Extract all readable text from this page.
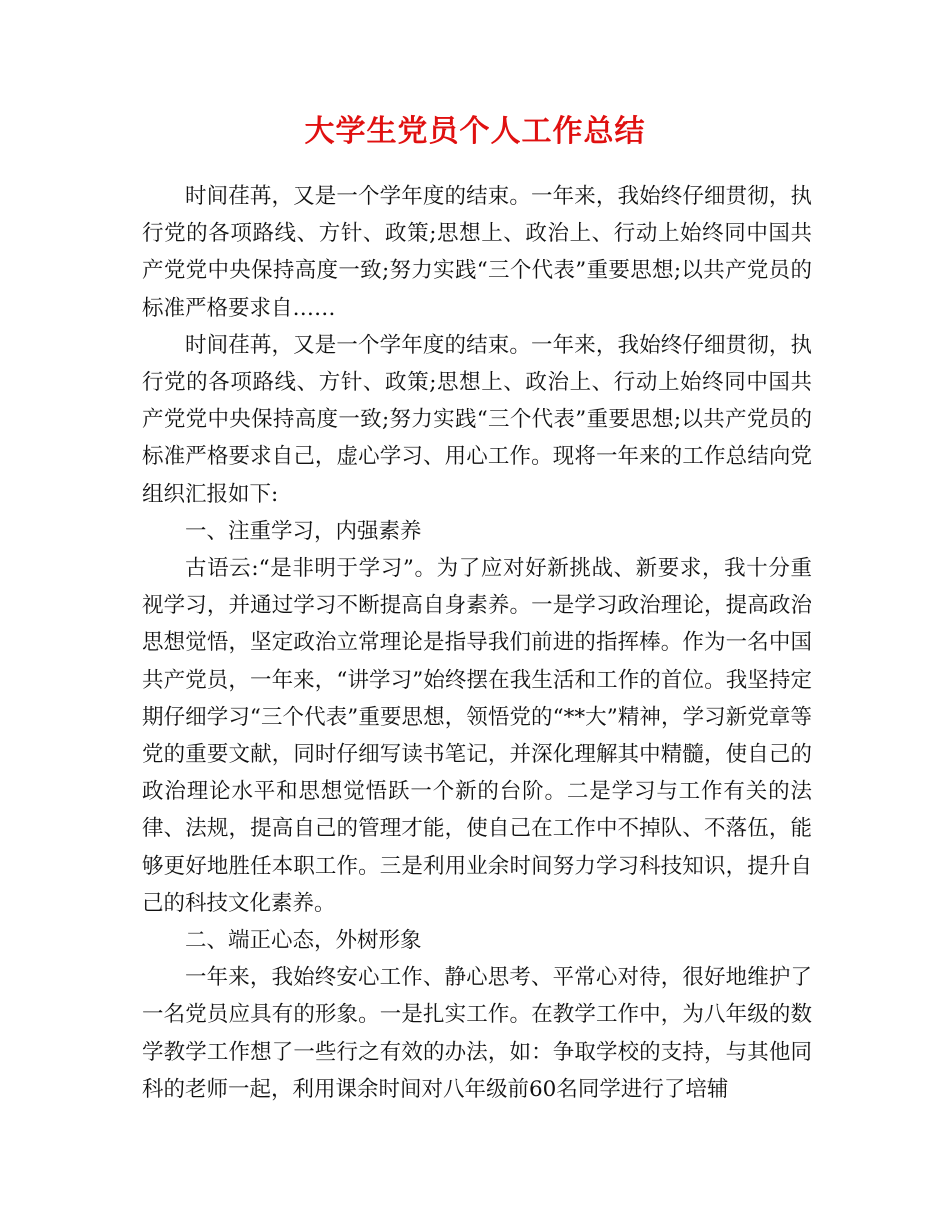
大学生党员个人工作总结

时间荏苒，又是一个学年度的结束。一年来，我始终仔细贯彻，执行党的各项路线、方针、政策;思想上、政治上、行动上始终同中国共产党党中央保持高度一致;努力实践“三个代表”重要思想;以共产党员的标准严格要求自……

时间荏苒，又是一个学年度的结束。一年来，我始终仔细贯彻，执行党的各项路线、方针、政策;思想上、政治上、行动上始终同中国共产党党中央保持高度一致;努力实践“三个代表”重要思想;以共产党员的标准严格要求自己，虚心学习、用心工作。现将一年来的工作总结向党组织汇报如下:

一、注重学习，内强素养

古语云:“是非明于学习”。为了应对好新挑战、新要求，我十分重视学习，并通过学习不断提高自身素养。一是学习政治理论，提高政治思想觉悟，坚定政治立常理论是指导我们前进的指挥棒。作为一名中国共产党员，一年来，“讲学习”始终摆在我生活和工作的首位。我坚持定期仔细学习“三个代表”重要思想，领悟党的“**大”精神，学习新党章等党的重要文献，同时仔细写读书笔记，并深化理解其中精髓，使自己的政治理论水平和思想觉悟跃一个新的台阶。二是学习与工作有关的法律、法规，提高自己的管理才能，使自己在工作中不掉队、不落伍，能够更好地胜任本职工作。三是利用业余时间努力学习科技知识，提升自己的科技文化素养。

二、端正心态，外树形象

一年来，我始终安心工作、静心思考、平常心对待，很好地维护了一名党员应具有的形象。一是扎实工作。在教学工作中，为八年级的数学教学工作想了一些行之有效的办法，如：争取学校的支持，与其他同科的老师一起，利用课余时间对八年级前60名同学进行了培辅
